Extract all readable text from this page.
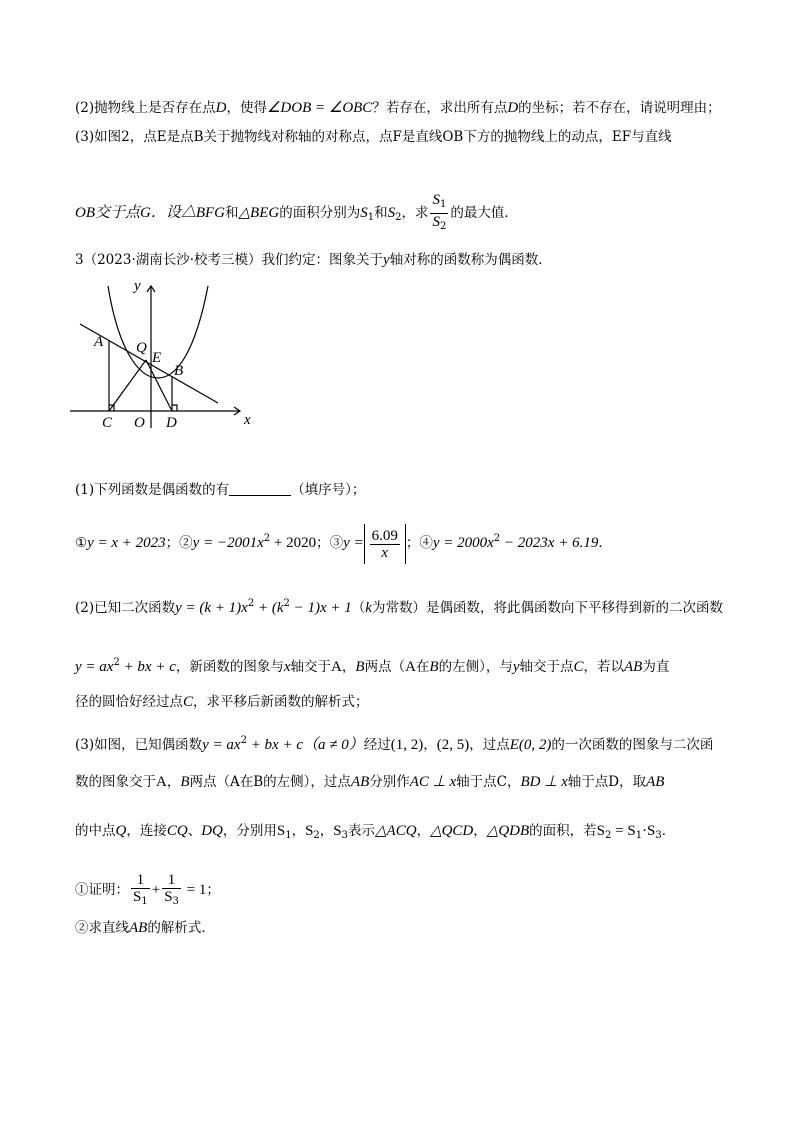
(2)抛物线上是否存在点D，使得∠DOB = ∠OBC？若存在，求出所有点D的坐标；若不存在，请说明理由；
(3)如图2，点E是点B关于抛物线对称轴的对称点，点F是直线OB下方的抛物线上的动点，EF与直线
OB交于点G．设△BFG和△BEG的面积分别为$S_1$和$S_2$，求 $\frac{S_1}{S_2}$ 的最大值．
3（2023·湖南长沙·校考三模）我们约定：图象关于y轴对称的函数称为偶函数．
y
x
A Q
E
B
C O D
(1)下列函数是偶函数的有	（填序号）；
①y = x + 2023；②y = $-2001x^2 + 2020$；③y = $\frac{6.09}{x}$ ；④y = $2000x^2 - 2023x + 6.19$．
(2)已知二次函数$y = (k + 1)x^2 + (k^2 - 1)x + 1(k$为常数）是偶函数，将此偶函数向下平移得到新的二次函数
$y = ax^2$ + bx + c，新函数的图象与x轴交于A，B两点（A在B的左侧），与y轴交于点C，若以AB为直
径的圆恰好经过点C，求平移后新函数的解析式；
(3)如图，已知偶函数$y = ax^2$ + bx + c（a ≠ 0）经过(1, 2)，(2, 5)，过点E(0, 2)的一次函数的图象与二次函
数的图象交于A，B两点（A在B的左侧），过点AB分别作AC ⊥ x轴于点C，BD ⊥ x轴于点D，取AB
的中点Q，连接CQ、DQ，分别用$S_1$，$S_2$，$S_3$表示△ACQ，△QCD，△QDB的面积，若$S_2 = S_1\cdot S_3$．
①证明： $\frac{1}{S_1} + \frac{1}{S_3} = 1$；
②求直线AB的解析式．
